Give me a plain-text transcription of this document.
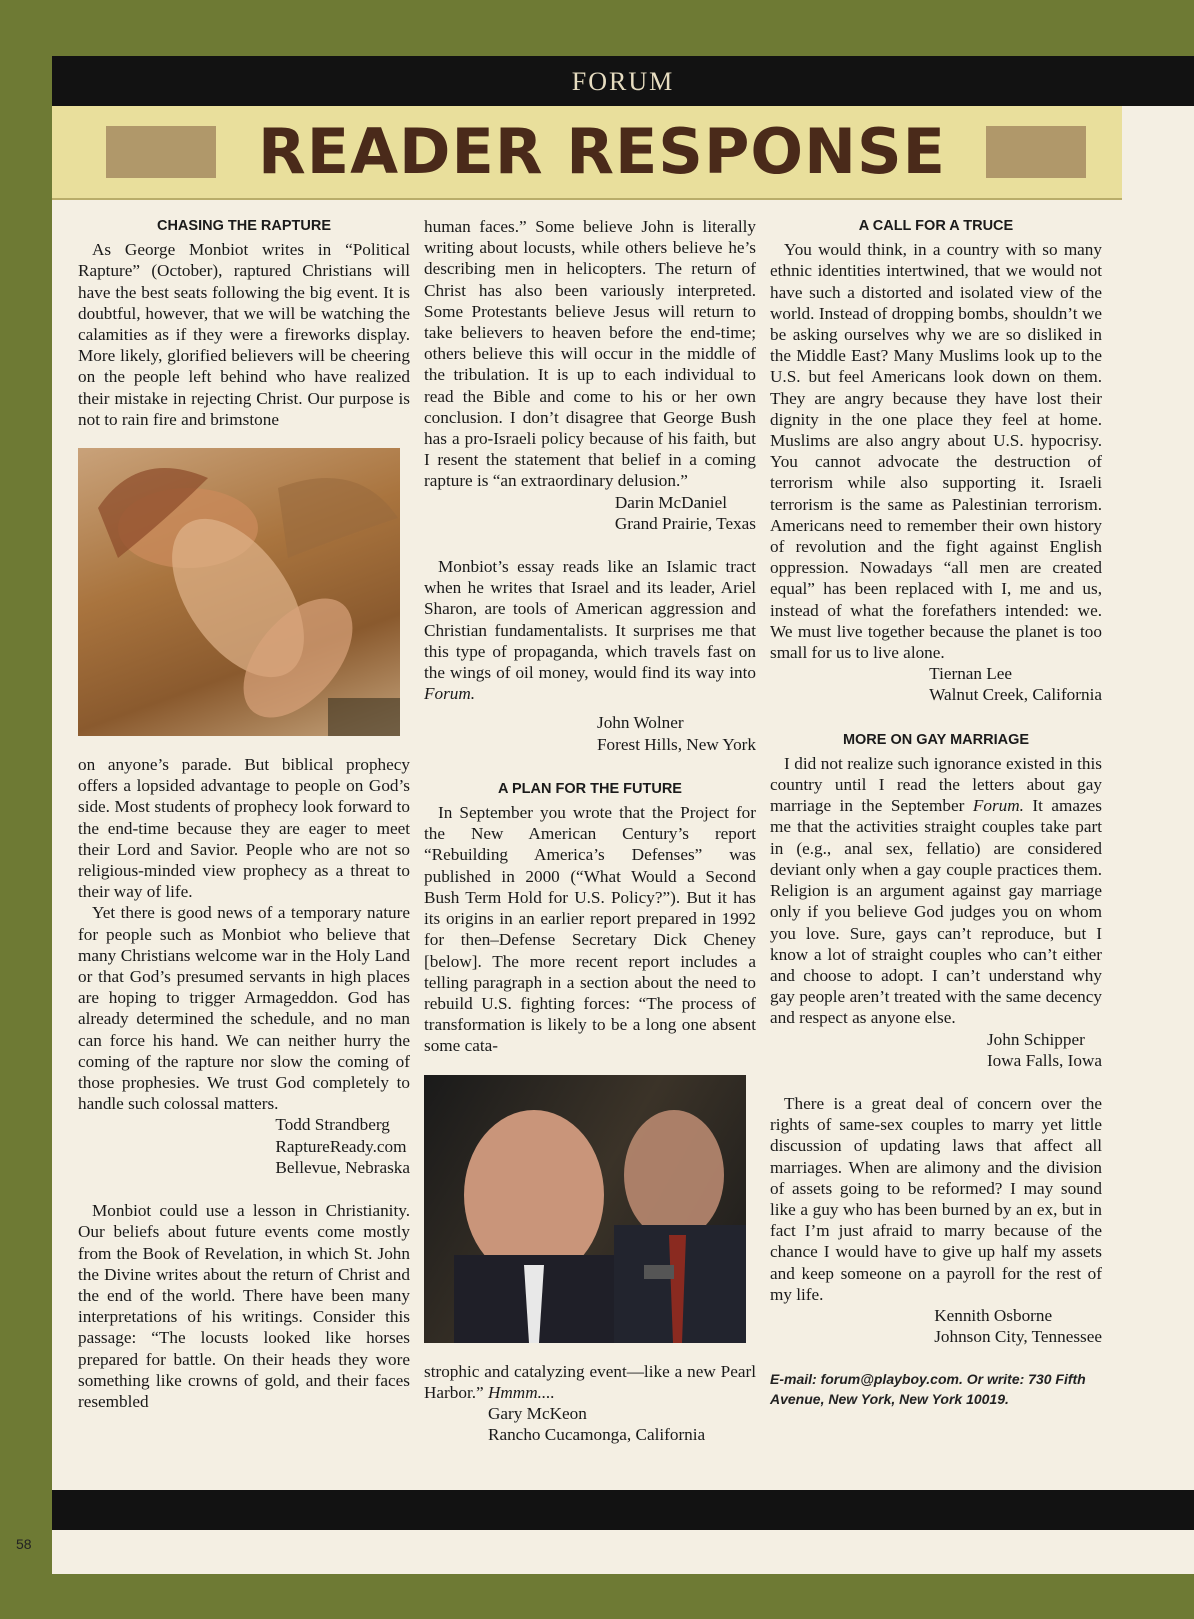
FORUM
READER RESPONSE
CHASING THE RAPTURE

As George Monbiot writes in “Political Rapture” (October), raptured Christians will have the best seats following the big event. It is doubtful, however, that we will be watching the calamities as if they were a fireworks display. More likely, glorified believers will be cheering on the people left behind who have realized their mistake in rejecting Christ. Our purpose is not to rain fire and brimstone

on anyone’s parade. But biblical prophecy offers a lopsided advantage to people on God’s side. Most students of prophecy look forward to the end-time because they are eager to meet their Lord and Savior. People who are not so religious-minded view prophecy as a threat to their way of life.

Yet there is good news of a temporary nature for people such as Monbiot who believe that many Christians welcome war in the Holy Land or that God’s presumed servants in high places are hoping to trigger Armageddon. God has already determined the schedule, and no man can force his hand. We can neither hurry the coming of the rapture nor slow the coming of those prophesies. We trust God completely to handle such colossal matters.

Todd Strandberg
RaptureReady.com
Bellevue, Nebraska

Monbiot could use a lesson in Christianity. Our beliefs about future events come mostly from the Book of Revelation, in which St. John the Divine writes about the return of Christ and the end of the world. There have been many interpretations of his writings. Consider this passage: “The locusts looked like horses prepared for battle. On their heads they wore something like crowns of gold, and their faces resembled

human faces.” Some believe John is literally writing about locusts, while others believe he’s describing men in helicopters. The return of Christ has also been variously interpreted. Some Protestants believe Jesus will return to take believers to heaven before the end-time; others believe this will occur in the middle of the tribulation. It is up to each individual to read the Bible and come to his or her own conclusion. I don’t disagree that George Bush has a pro-Israeli policy because of his faith, but I resent the statement that belief in a coming rapture is “an extraordinary delusion.”

Darin McDaniel
Grand Prairie, Texas

Monbiot’s essay reads like an Islamic tract when he writes that Israel and its leader, Ariel Sharon, are tools of American aggression and Christian fundamentalists. It surprises me that this type of propaganda, which travels fast on the wings of oil money, would find its way into Forum.

John Wolner
Forest Hills, New York
A PLAN FOR THE FUTURE

In September you wrote that the Project for the New American Century’s report “Rebuilding America’s Defenses” was published in 2000 (“What Would a Second Bush Term Hold for U.S. Policy?”). But it has its origins in an earlier report prepared in 1992 for then–Defense Secretary Dick Cheney [below]. The more recent report includes a telling paragraph in a section about the need to rebuild U.S. fighting forces: “The process of transformation is likely to be a long one absent some cata-

strophic and catalyzing event—like a new Pearl Harbor.” Hmmm....

Gary McKeon
Rancho Cucamonga, California
A CALL FOR A TRUCE

You would think, in a country with so many ethnic identities intertwined, that we would not have such a distorted and isolated view of the world. Instead of dropping bombs, shouldn’t we be asking ourselves why we are so disliked in the Middle East? Many Muslims look up to the U.S. but feel Americans look down on them. They are angry because they have lost their dignity in the one place they feel at home. Muslims are also angry about U.S. hypocrisy. You cannot advocate the destruction of terrorism while also supporting it. Israeli terrorism is the same as Palestinian terrorism. Americans need to remember their own history of revolution and the fight against English oppression. Nowadays “all men are created equal” has been replaced with I, me and us, instead of what the forefathers intended: we. We must live together because the planet is too small for us to live alone.

Tiernan Lee
Walnut Creek, California
MORE ON GAY MARRIAGE

I did not realize such ignorance existed in this country until I read the letters about gay marriage in the September Forum. It amazes me that the activities straight couples take part in (e.g., anal sex, fellatio) are considered deviant only when a gay couple practices them. Religion is an argument against gay marriage only if you believe God judges you on whom you love. Sure, gays can’t reproduce, but I know a lot of straight couples who can’t either and choose to adopt. I can’t understand why gay people aren’t treated with the same decency and respect as anyone else.

John Schipper
Iowa Falls, Iowa

There is a great deal of concern over the rights of same-sex couples to marry yet little discussion of updating laws that affect all marriages. When are alimony and the division of assets going to be reformed? I may sound like a guy who has been burned by an ex, but in fact I’m just afraid to marry because of the chance I would have to give up half my assets and keep someone on a payroll for the rest of my life.

Kennith Osborne
Johnson City, Tennessee
E-mail: forum@playboy.com. Or write: 730 Fifth Avenue, New York, New York 10019.
58
